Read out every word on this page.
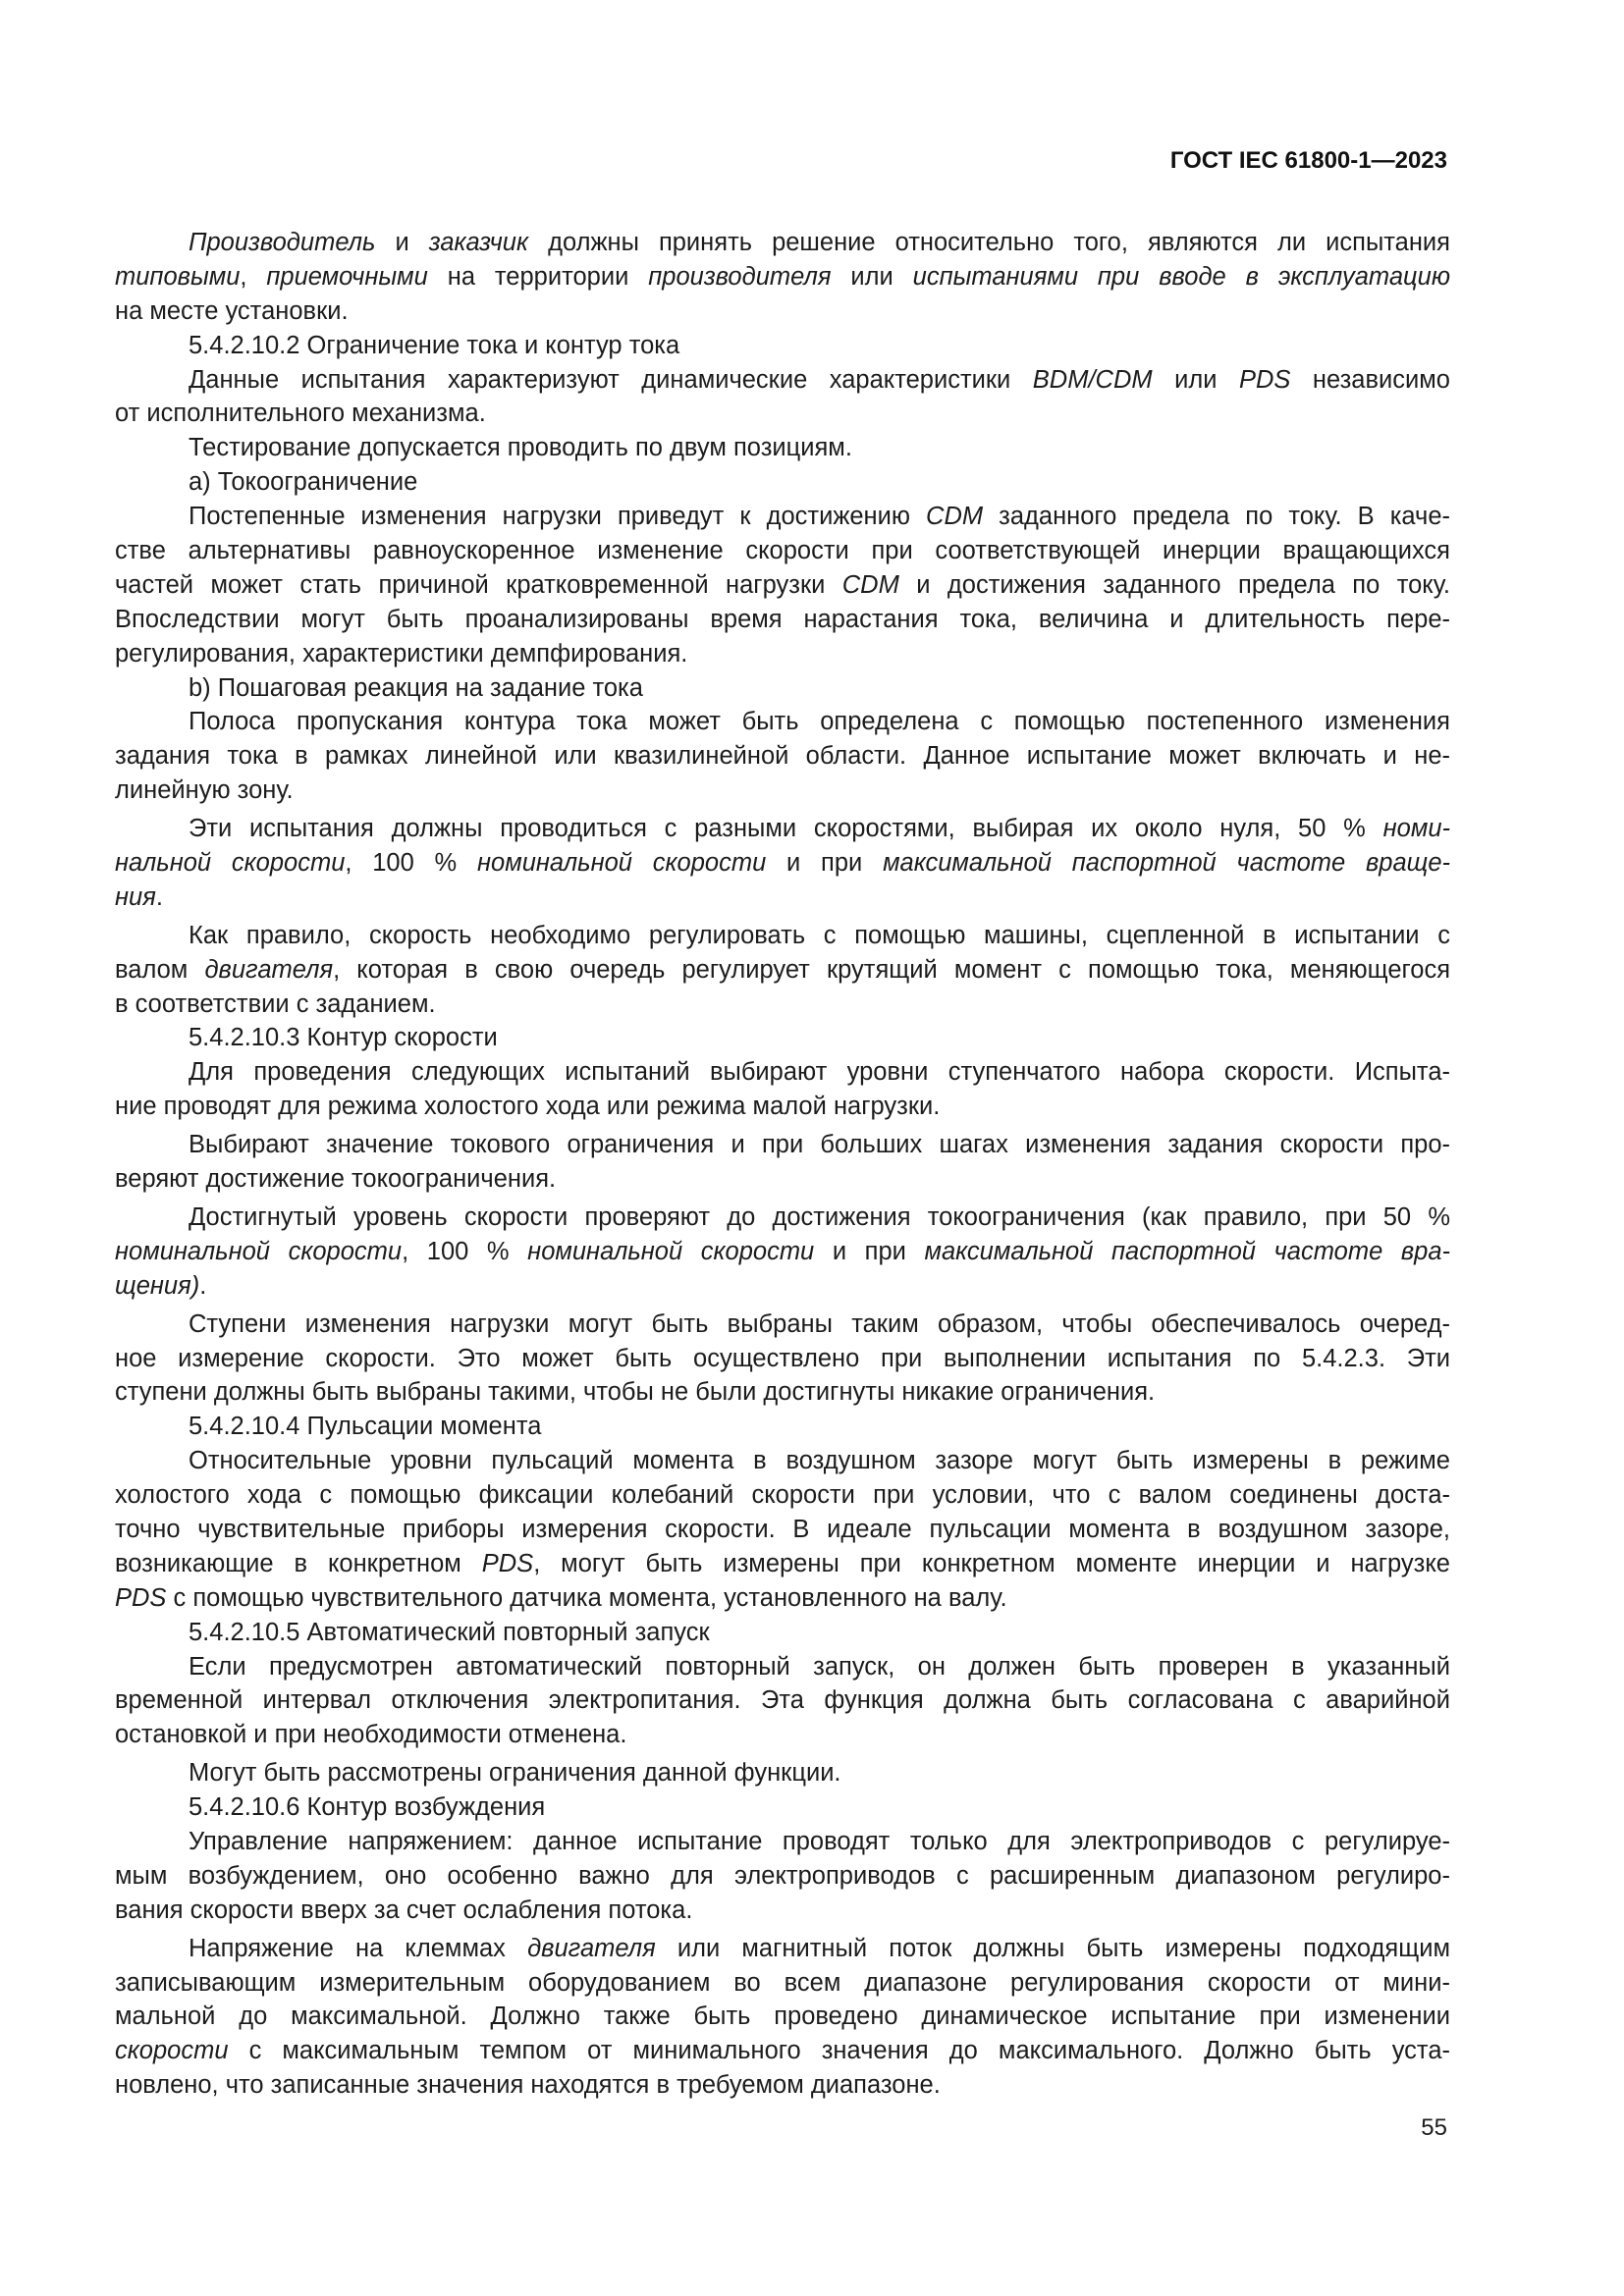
ГОСТ IEC 61800-1—2023
Производитель и заказчик должны принять решение относительно того, являются ли испытания
типовыми, приемочными на территории производителя или испытаниями при вводе в эксплуатацию
на месте установки.
5.4.2.10.2 Ограничение тока и контур тока
Данные испытания характеризуют динамические характеристики BDM/CDM или PDS независимо
от исполнительного механизма.
Тестирование допускается проводить по двум позициям.
a) Токоограничение
Постепенные изменения нагрузки приведут к достижению CDM заданного предела по току. В каче-
стве альтернативы равноускоренное изменение скорости при соответствующей инерции вращающихся
частей может стать причиной кратковременной нагрузки CDM и достижения заданного предела по току.
Впоследствии могут быть проанализированы время нарастания тока, величина и длительность пере-
регулирования, характеристики демпфирования.
b) Пошаговая реакция на задание тока
Полоса пропускания контура тока может быть определена с помощью постепенного изменения
задания тока в рамках линейной или квазилинейной области. Данное испытание может включать и не-
линейную зону.
Эти испытания должны проводиться с разными скоростями, выбирая их около нуля, 50 % номи-
нальной скорости, 100 % номинальной скорости и при максимальной паспортной частоте враще-
ния.
Как правило, скорость необходимо регулировать с помощью машины, сцепленной в испытании с
валом двигателя, которая в свою очередь регулирует крутящий момент с помощью тока, меняющегося
в соответствии с заданием.
5.4.2.10.3 Контур скорости
Для проведения следующих испытаний выбирают уровни ступенчатого набора скорости. Испыта-
ние проводят для режима холостого хода или режима малой нагрузки.
Выбирают значение токового ограничения и при больших шагах изменения задания скорости про-
веряют достижение токоограничения.
Достигнутый уровень скорости проверяют до достижения токоограничения (как правило, при 50 %
номинальной скорости, 100 % номинальной скорости и при максимальной паспортной частоте вра-
щения).
Ступени изменения нагрузки могут быть выбраны таким образом, чтобы обеспечивалось очеред-
ное измерение скорости. Это может быть осуществлено при выполнении испытания по 5.4.2.3. Эти
ступени должны быть выбраны такими, чтобы не были достигнуты никакие ограничения.
5.4.2.10.4 Пульсации момента
Относительные уровни пульсаций момента в воздушном зазоре могут быть измерены в режиме
холостого хода с помощью фиксации колебаний скорости при условии, что с валом соединены доста-
точно чувствительные приборы измерения скорости. В идеале пульсации момента в воздушном зазоре,
возникающие в конкретном PDS, могут быть измерены при конкретном моменте инерции и нагрузке
PDS с помощью чувствительного датчика момента, установленного на валу.
5.4.2.10.5 Автоматический повторный запуск
Если предусмотрен автоматический повторный запуск, он должен быть проверен в указанный
временной интервал отключения электропитания. Эта функция должна быть согласована с аварийной
остановкой и при необходимости отменена.
Могут быть рассмотрены ограничения данной функции.
5.4.2.10.6 Контур возбуждения
Управление напряжением: данное испытание проводят только для электроприводов с регулируе-
мым возбуждением, оно особенно важно для электроприводов с расширенным диапазоном регулиро-
вания скорости вверх за счет ослабления потока.
Напряжение на клеммах двигателя или магнитный поток должны быть измерены подходящим
записывающим измерительным оборудованием во всем диапазоне регулирования скорости от мини-
мальной до максимальной. Должно также быть проведено динамическое испытание при изменении
скорости с максимальным темпом от минимального значения до максимального. Должно быть уста-
новлено, что записанные значения находятся в требуемом диапазоне.
55
